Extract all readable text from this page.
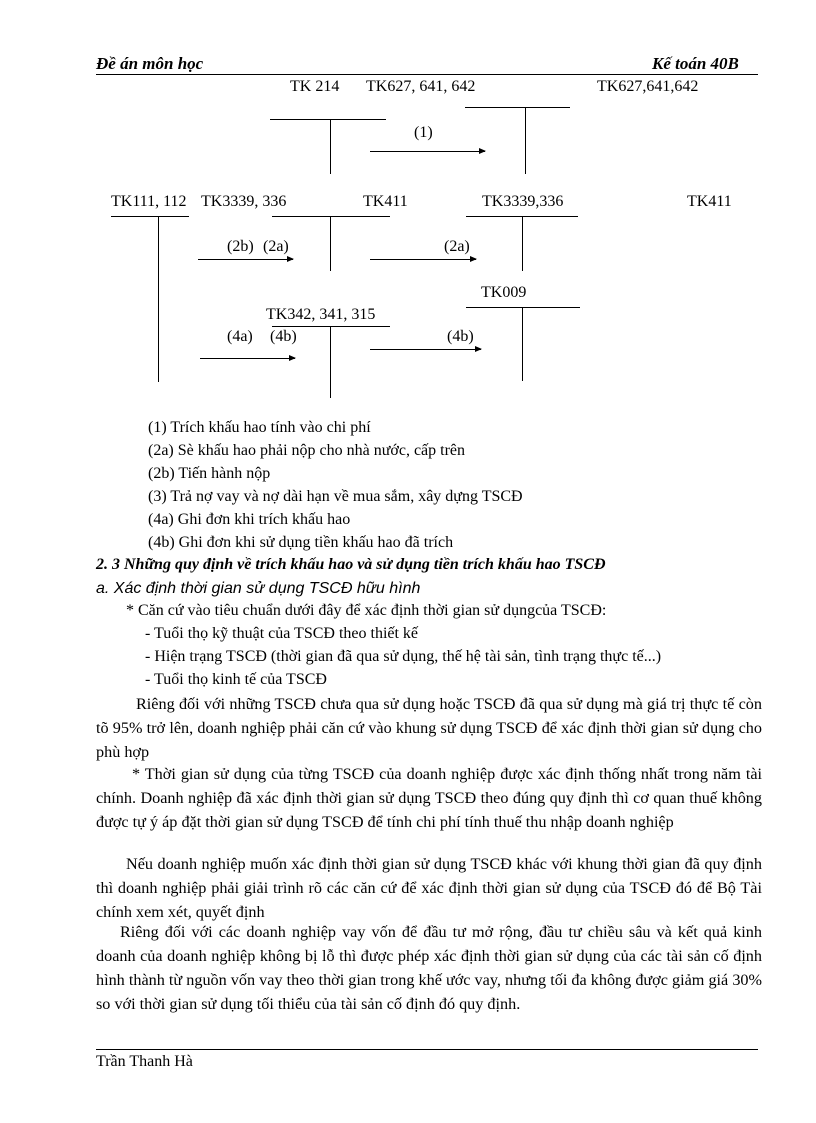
Đề án môn học	Kế toán 40B
TK 214 TK627, 641, 642	TK627,641,642
(1)
TK111, 112 TK3339, 336	TK411	TK3339,336	TK411
(2b) (2a)	(2a)
TK009
TK342, 341, 315
(4a) (4b)	(4b)
(1) Trích khấu hao tính vào chi phí
(2a) Sè khấu hao phải nộp cho nhà nước, cấp trên
(2b) Tiến hành nộp
(3) Trả nợ vay và nợ dài hạn về mua sắm, xây dựng TSCĐ
(4a) Ghi đơn khi trích khấu hao
(4b) Ghi đơn khi sử dụng tiền khấu hao đã trích
2. 3 Những quy định về trích khấu hao và sử dụng tiền trích khấu hao TSCĐ
a. Xác định thời gian sử dụng TSCĐ hữu hình
* Căn cứ vào tiêu chuẩn dưới đây để xác định thời gian sử dụngcủa TSCĐ:
- Tuổi thọ kỹ thuật của TSCĐ theo thiết kế
- Hiện trạng TSCĐ (thời gian đã qua sử dụng, thế hệ tài sản, tình trạng thực tế...)
- Tuổi thọ kinh tế của TSCĐ
Riêng đối với những TSCĐ chưa qua sử dụng hoặc TSCĐ đã qua sử dụng mà giá trị thực tế còn tõ 95% trở lên, doanh nghiệp phải căn cứ vào khung sử dụng TSCĐ để xác định thời gian sử dụng cho phù hợp
* Thời gian sử dụng của từng TSCĐ của doanh nghiệp được xác định thống nhất trong năm tài chính. Doanh nghiệp đã xác định thời gian sử dụng TSCĐ theo đúng quy định thì cơ quan thuế không được tự ý áp đặt thời gian sử dụng TSCĐ để tính chi phí tính thuế thu nhập doanh nghiệp
Nếu doanh nghiệp muốn xác định thời gian sử dụng TSCĐ khác với khung thời gian đã quy định thì doanh nghiệp phải giải trình rõ các căn cứ để xác định thời gian sử dụng của TSCĐ đó để Bộ Tài chính xem xét, quyết định
Riêng đối với các doanh nghiệp vay vốn để đầu tư mở rộng, đầu tư chiều sâu và kết quả kinh doanh của doanh nghiệp không bị lỗ thì được phép xác định thời gian sử dụng của các tài sản cố định hình thành từ nguồn vốn vay theo thời gian trong khế ước vay, nhưng tối đa không được giảm giá 30% so với thời gian sử dụng tối thiểu của tài sản cố định đó quy định.
Trần Thanh Hà
